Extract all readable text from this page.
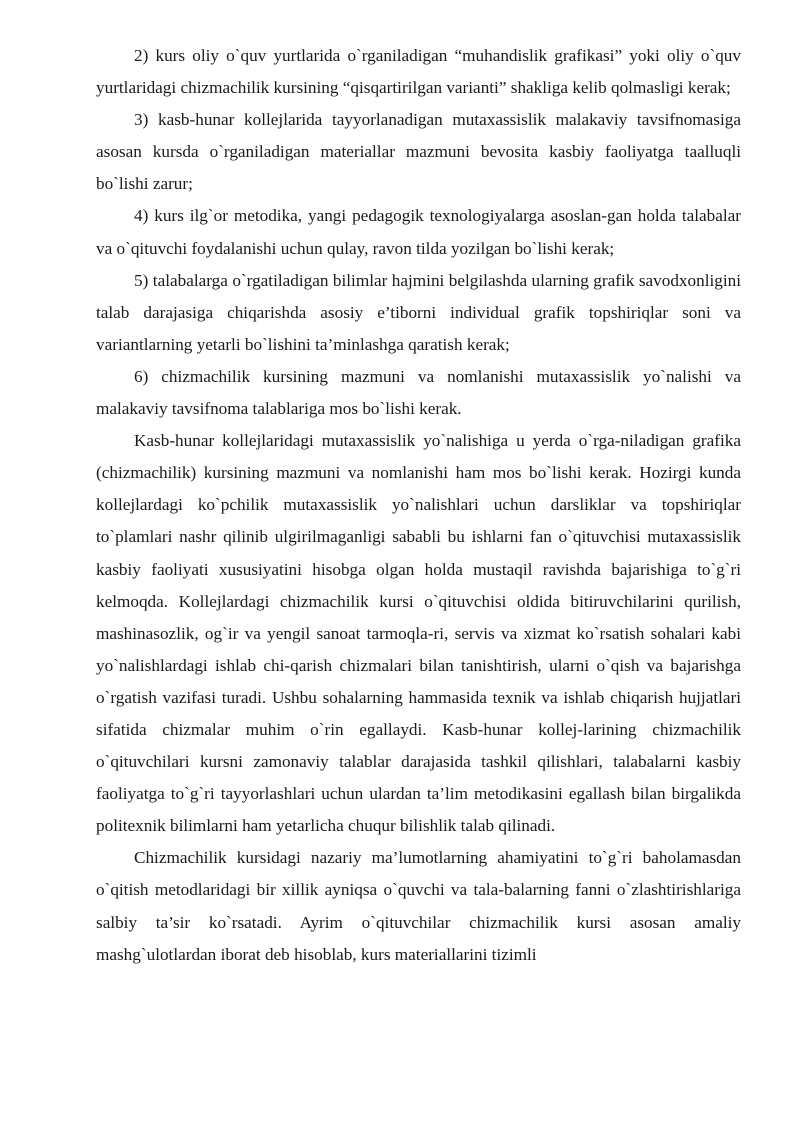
2) kurs oliy o`quv yurtlarida o`rganiladigan “muhandislik grafikasi” yoki oliy o`quv yurtlaridagi chizmachilik kursining “qisqartirilgan varianti” shakliga kelib qolmasligi kerak;

3) kasb-hunar kollejlarida tayyorlanadigan mutaxassislik malakaviy tavsifnomasiga asosan kursda o`rganiladigan materiallar mazmuni bevosita kasbiy faoliyatga taalluqli bo`lishi zarur;

4) kurs ilg`or metodika, yangi pedagogik texnologiyalarga asoslan-gan holda talabalar va o`qituvchi foydalanishi uchun qulay, ravon tilda yozilgan bo`lishi kerak;

5) talabalarga o`rgatiladigan bilimlar hajmini belgilashda ularning grafik savodxonligini talab darajasiga chiqarishda asosiy e’tiborni individual grafik topshiriqlar soni va variantlarning yetarli bo`lishini ta’minlashga qaratish kerak;

6) chizmachilik kursining mazmuni va nomlanishi mutaxassislik yo`nalishi va malakaviy tavsifnoma talablariga mos bo`lishi kerak.

Kasb-hunar kollejlaridagi mutaxassislik yo`nalishiga u yerda o`rga-niladigan grafika (chizmachilik) kursining mazmuni va nomlanishi ham mos bo`lishi kerak. Hozirgi kunda kollejlardagi ko`pchilik mutaxassislik yo`nalishlari uchun darsliklar va topshiriqlar to`plamlari nashr qilinib ulgirilmaganligi sababli bu ishlarni fan o`qituvchisi mutaxassislik kasbiy faoliyati xususiyatini hisobga olgan holda mustaqil ravishda bajarishiga to`g`ri kelmoqda. Kollejlardagi chizmachilik kursi o`qituvchisi oldida bitiruvchilarini qurilish, mashinasozlik, og`ir va yengil sanoat tarmoqla-ri, servis va xizmat ko`rsatish sohalari kabi yo`nalishlardagi ishlab chi-qarish chizmalari bilan tanishtirish, ularni o`qish va bajarishga o`rgatish vazifasi turadi. Ushbu sohalarning hammasida texnik va ishlab chiqarish hujjatlari sifatida chizmalar muhim o`rin egallaydi. Kasb-hunar kollej-larining chizmachilik o`qituvchilari kursni zamonaviy talablar darajasida tashkil qilishlari, talabalarni kasbiy faoliyatga to`g`ri tayyorlashlari uchun ulardan ta’lim metodikasini egallash bilan birgalikda politexnik bilimlarni ham yetarlicha chuqur bilishlik talab qilinadi.

Chizmachilik kursidagi nazariy ma’lumotlarning ahamiyatini to`g`ri baholamasdan o`qitish metodlaridagi bir xillik ayniqsa o`quvchi va tala-balarning fanni o`zlashtirishlariga salbiy ta’sir ko`rsatadi. Ayrim o`qituvchilar chizmachilik kursi asosan amaliy mashg`ulotlardan iborat deb hisoblab, kurs materiallarini tizimli
